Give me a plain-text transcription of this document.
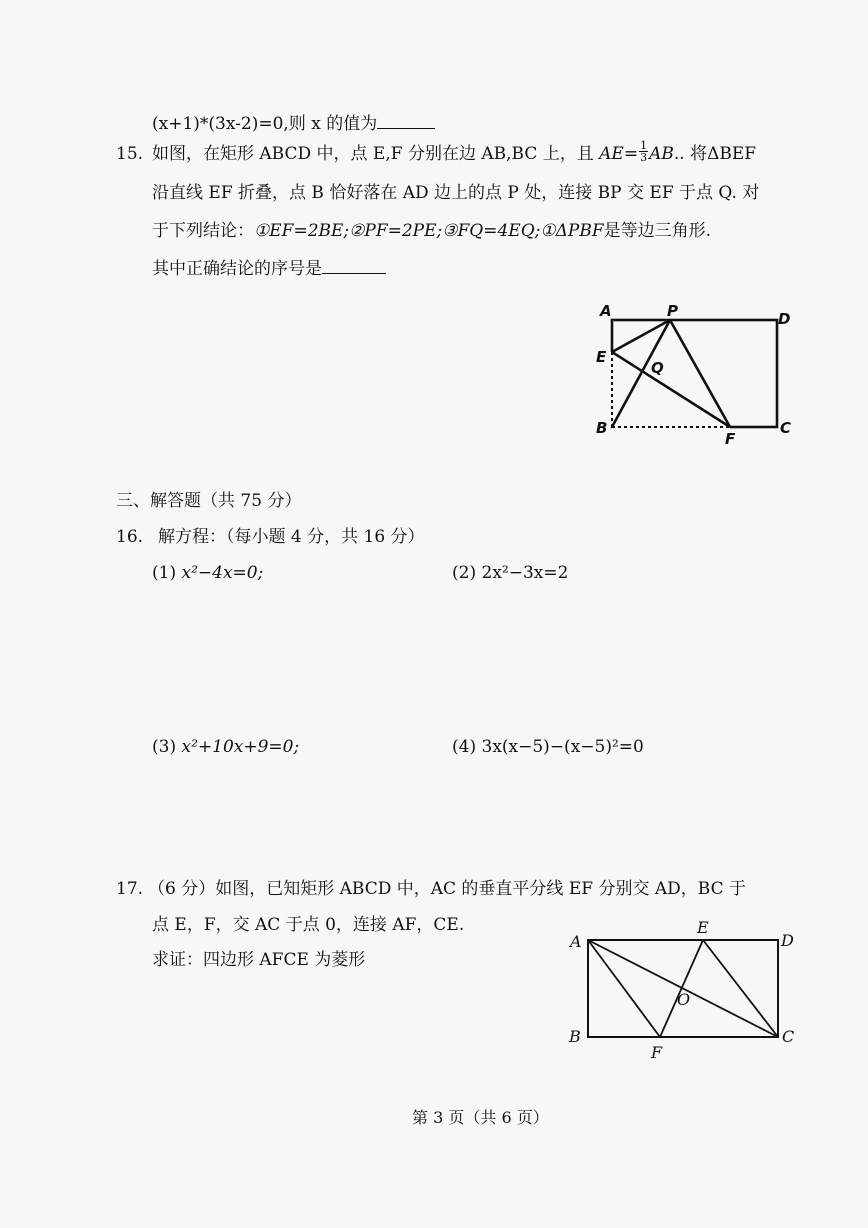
(x+1)*(3x-2)=0,则 x 的值为
15. 如图，在矩形 ABCD 中，点 E,F 分别在边 AB,BC 上，且 $AE= \frac{1}{3}$ AB.. 将ΔBEF
沿直线 EF 折叠，点 B 恰好落在 AD 边上的点 P 处，连接 BP 交 EF 于点 Q. 对
于下列结论：①EF=2BE;②PF=2PE;③FQ=4EQ;①ΔPBF是等边三角形.
其中正确结论的序号是
A	P	D
E
Q
B
F
C
三、解答题（共 75 分）
16. 解方程：（每小题 4 分，共 16 分）
(1) x²−4x=0;	(2) 2x²−3x=2
(3) x²+10x+9=0;	(4) 3x(x−5)−(x−5)²=0
17. （6 分）如图，已知矩形 ABCD 中，AC 的垂直平分线 EF 分别交 AD，BC 于
点 E，F，交 AC 于点 0，连接 AF，CE.
求证：四边形 AFCE 为菱形
A
E
D
O
B
F
C
第 3 页（共 6 页）
